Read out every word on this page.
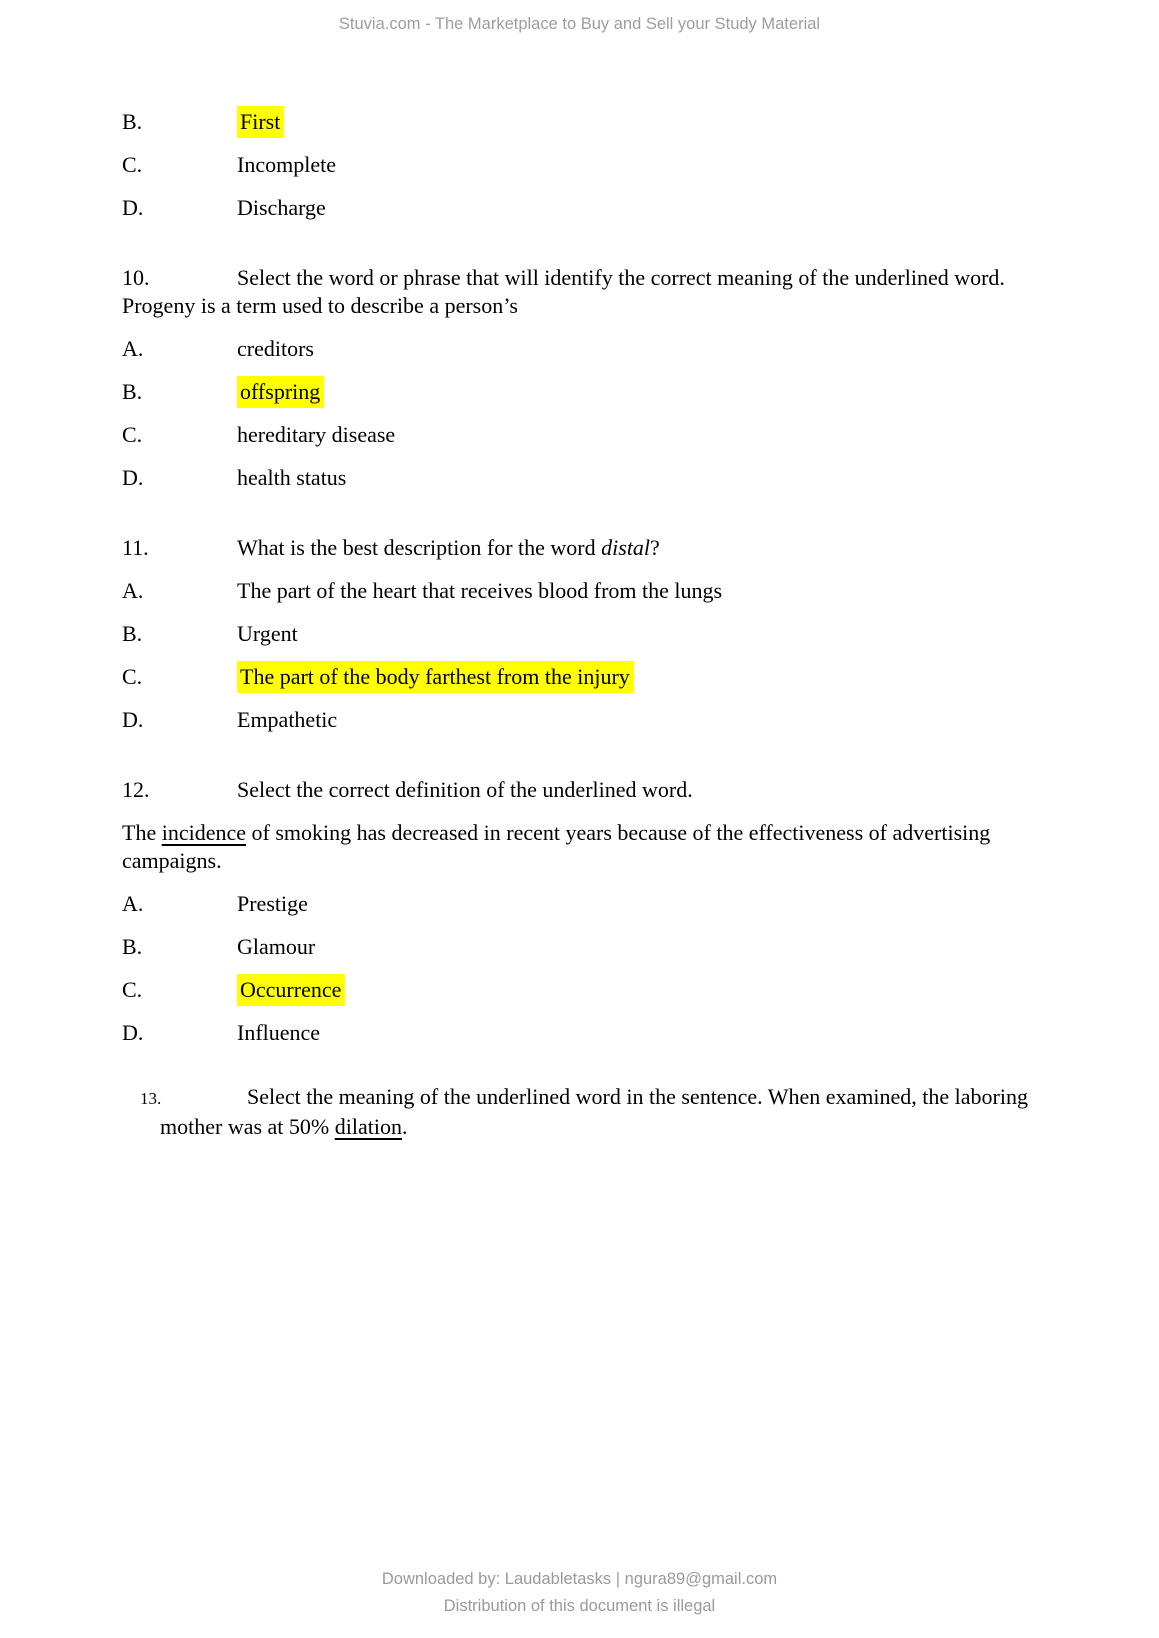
Stuvia.com - The Marketplace to Buy and Sell your Study Material

B.	First

C.	Incomplete

D.	Discharge

10.	Select the word or phrase that will identify the correct meaning of the underlined word. Progeny is a term used to describe a person’s

A.	creditors

B.	offspring

C.	hereditary disease

D.	health status

11.	What is the best description for the word distal?

A.	The part of the heart that receives blood from the lungs

B.	Urgent

C.	The part of the body farthest from the injury

D.	Empathetic

12.	Select the correct definition of the underlined word.

The incidence of smoking has decreased in recent years because of the effectiveness of advertising campaigns.

A.	Prestige

B.	Glamour

C.	Occurrence

D.	Influence

13.	Select the meaning of the underlined word in the sentence. When examined, the laboring mother was at 50% dilation.

Downloaded by: Laudabletasks | ngura89@gmail.com
Distribution of this document is illegal
